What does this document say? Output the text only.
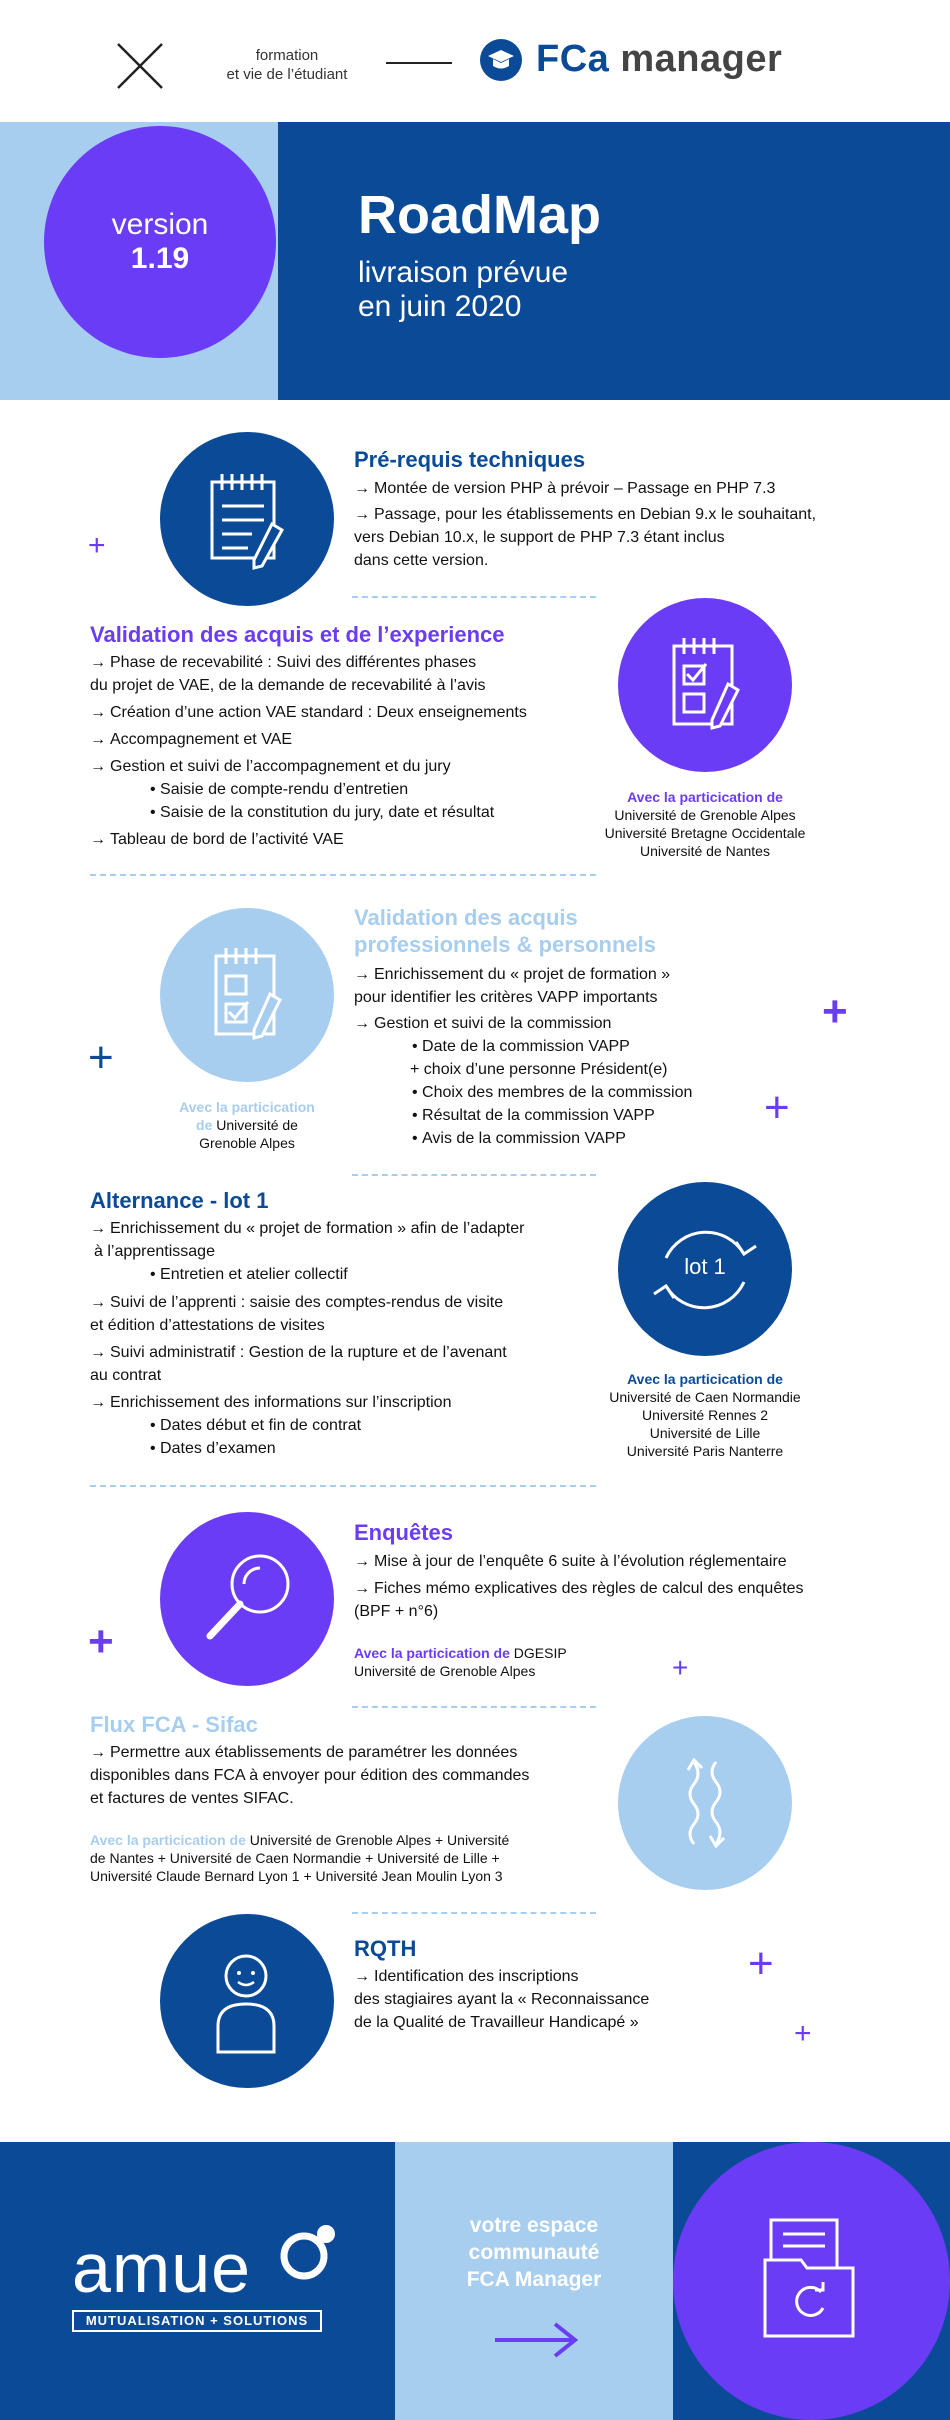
formation
et vie de l’étudiant	FCa manager
version
1.19
RoadMap
livraison prévue
en juin 2020
Pré-requis techniques
→ Montée de version PHP à prévoir – Passage en PHP 7.3
→ Passage, pour les établissements en Debian 9.x le souhaitant,
vers Debian 10.x, le support de PHP 7.3 étant inclus
dans cette version.
+
Validation des acquis et de l’experience
→ Phase de recevabilité : Suivi des différentes phases
du projet de VAE, de la demande de recevabilité à l’avis
→ Création d’une action VAE standard : Deux enseignements
→ Accompagnement et VAE
→ Gestion et suivi de l’accompagnement et du jury
• Saisie de compte-rendu d’entretien
• Saisie de la constitution du jury, date et résultat
→ Tableau de bord de l’activité VAE
Avec la particication de
Université de Grenoble Alpes
Université Bretagne Occidentale
Université de Nantes
Avec la particication
de Université de
Grenoble Alpes
+
Validation des acquis
professionnels & personnels
→ Enrichissement du « projet de formation »
pour identifier les critères VAPP importants
→ Gestion et suivi de la commission
• Date de la commission VAPP
+ choix d’une personne Président(e)
• Choix des membres de la commission
• Résultat de la commission VAPP
• Avis de la commission VAPP
+
+
Alternance - lot 1
→ Enrichissement du « projet de formation » afin de l’adapter
à l’apprentissage
• Entretien et atelier collectif
→ Suivi de l’apprenti : saisie des comptes-rendus de visite
et édition d’attestations de visites
→ Suivi administratif : Gestion de la rupture et de l’avenant
au contrat
→ Enrichissement des informations sur l’inscription
• Dates début et fin de contrat
• Dates d’examen
lot 1
Avec la particication de
Université de Caen Normandie
Université Rennes 2
Université de Lille
Université Paris Nanterre
+
Enquêtes
→ Mise à jour de l’enquête 6 suite à l’évolution réglementaire
→ Fiches mémo explicatives des règles de calcul des enquêtes
(BPF + n°6)
Avec la particication de DGESIP
Université de Grenoble Alpes	+
Flux FCA - Sifac
→ Permettre aux établissements de paramétrer les données
disponibles dans FCA à envoyer pour édition des commandes
et factures de ventes SIFAC.
Avec la particication de Université de Grenoble Alpes + Université
de Nantes + Université de Caen Normandie + Université de Lille +
Université Claude Bernard Lyon 1 + Université Jean Moulin Lyon 3
RQTH
→ Identification des inscriptions
des stagiaires ayant la « Reconnaissance
de la Qualité de Travailleur Handicapé »
+
+
amue
MUTUALISATION + SOLUTIONS
votre espace
communauté
FCA Manager
